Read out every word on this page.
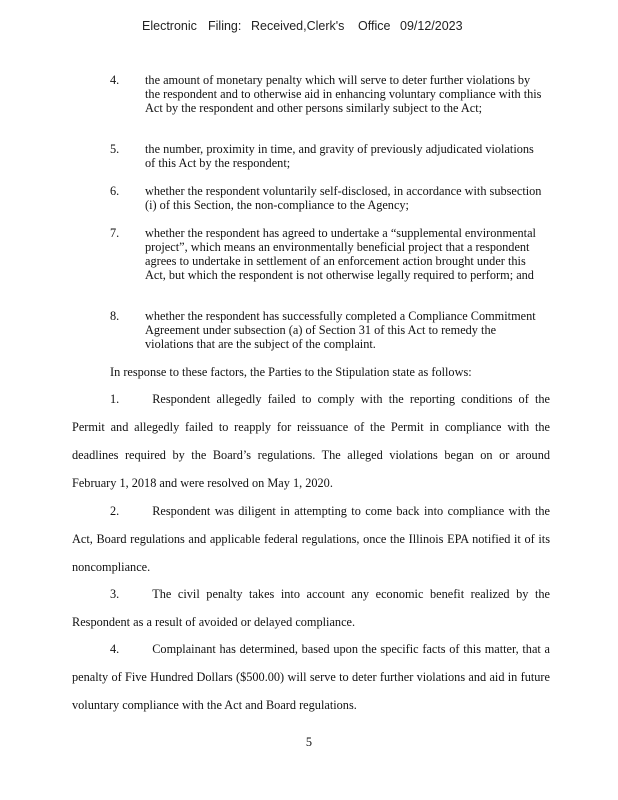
Electronic Filing: Received,Clerk's Office 09/12/2023
4. the amount of monetary penalty which will serve to deter further violations by the respondent and to otherwise aid in enhancing voluntary compliance with this Act by the respondent and other persons similarly subject to the Act;
5. the number, proximity in time, and gravity of previously adjudicated violations of this Act by the respondent;
6. whether the respondent voluntarily self-disclosed, in accordance with subsection (i) of this Section, the non-compliance to the Agency;
7. whether the respondent has agreed to undertake a “supplemental environmental project”, which means an environmentally beneficial project that a respondent agrees to undertake in settlement of an enforcement action brought under this Act, but which the respondent is not otherwise legally required to perform; and
8. whether the respondent has successfully completed a Compliance Commitment Agreement under subsection (a) of Section 31 of this Act to remedy the violations that are the subject of the complaint.
In response to these factors, the Parties to the Stipulation state as follows:
1.	Respondent allegedly failed to comply with the reporting conditions of the Permit and allegedly failed to reapply for reissuance of the Permit in compliance with the deadlines required by the Board’s regulations. The alleged violations began on or around February 1, 2018 and were resolved on May 1, 2020.
2.	Respondent was diligent in attempting to come back into compliance with the Act, Board regulations and applicable federal regulations, once the Illinois EPA notified it of its noncompliance.
3.	The civil penalty takes into account any economic benefit realized by the Respondent as a result of avoided or delayed compliance.
4.	Complainant has determined, based upon the specific facts of this matter, that a penalty of Five Hundred Dollars ($500.00) will serve to deter further violations and aid in future voluntary compliance with the Act and Board regulations.
5
